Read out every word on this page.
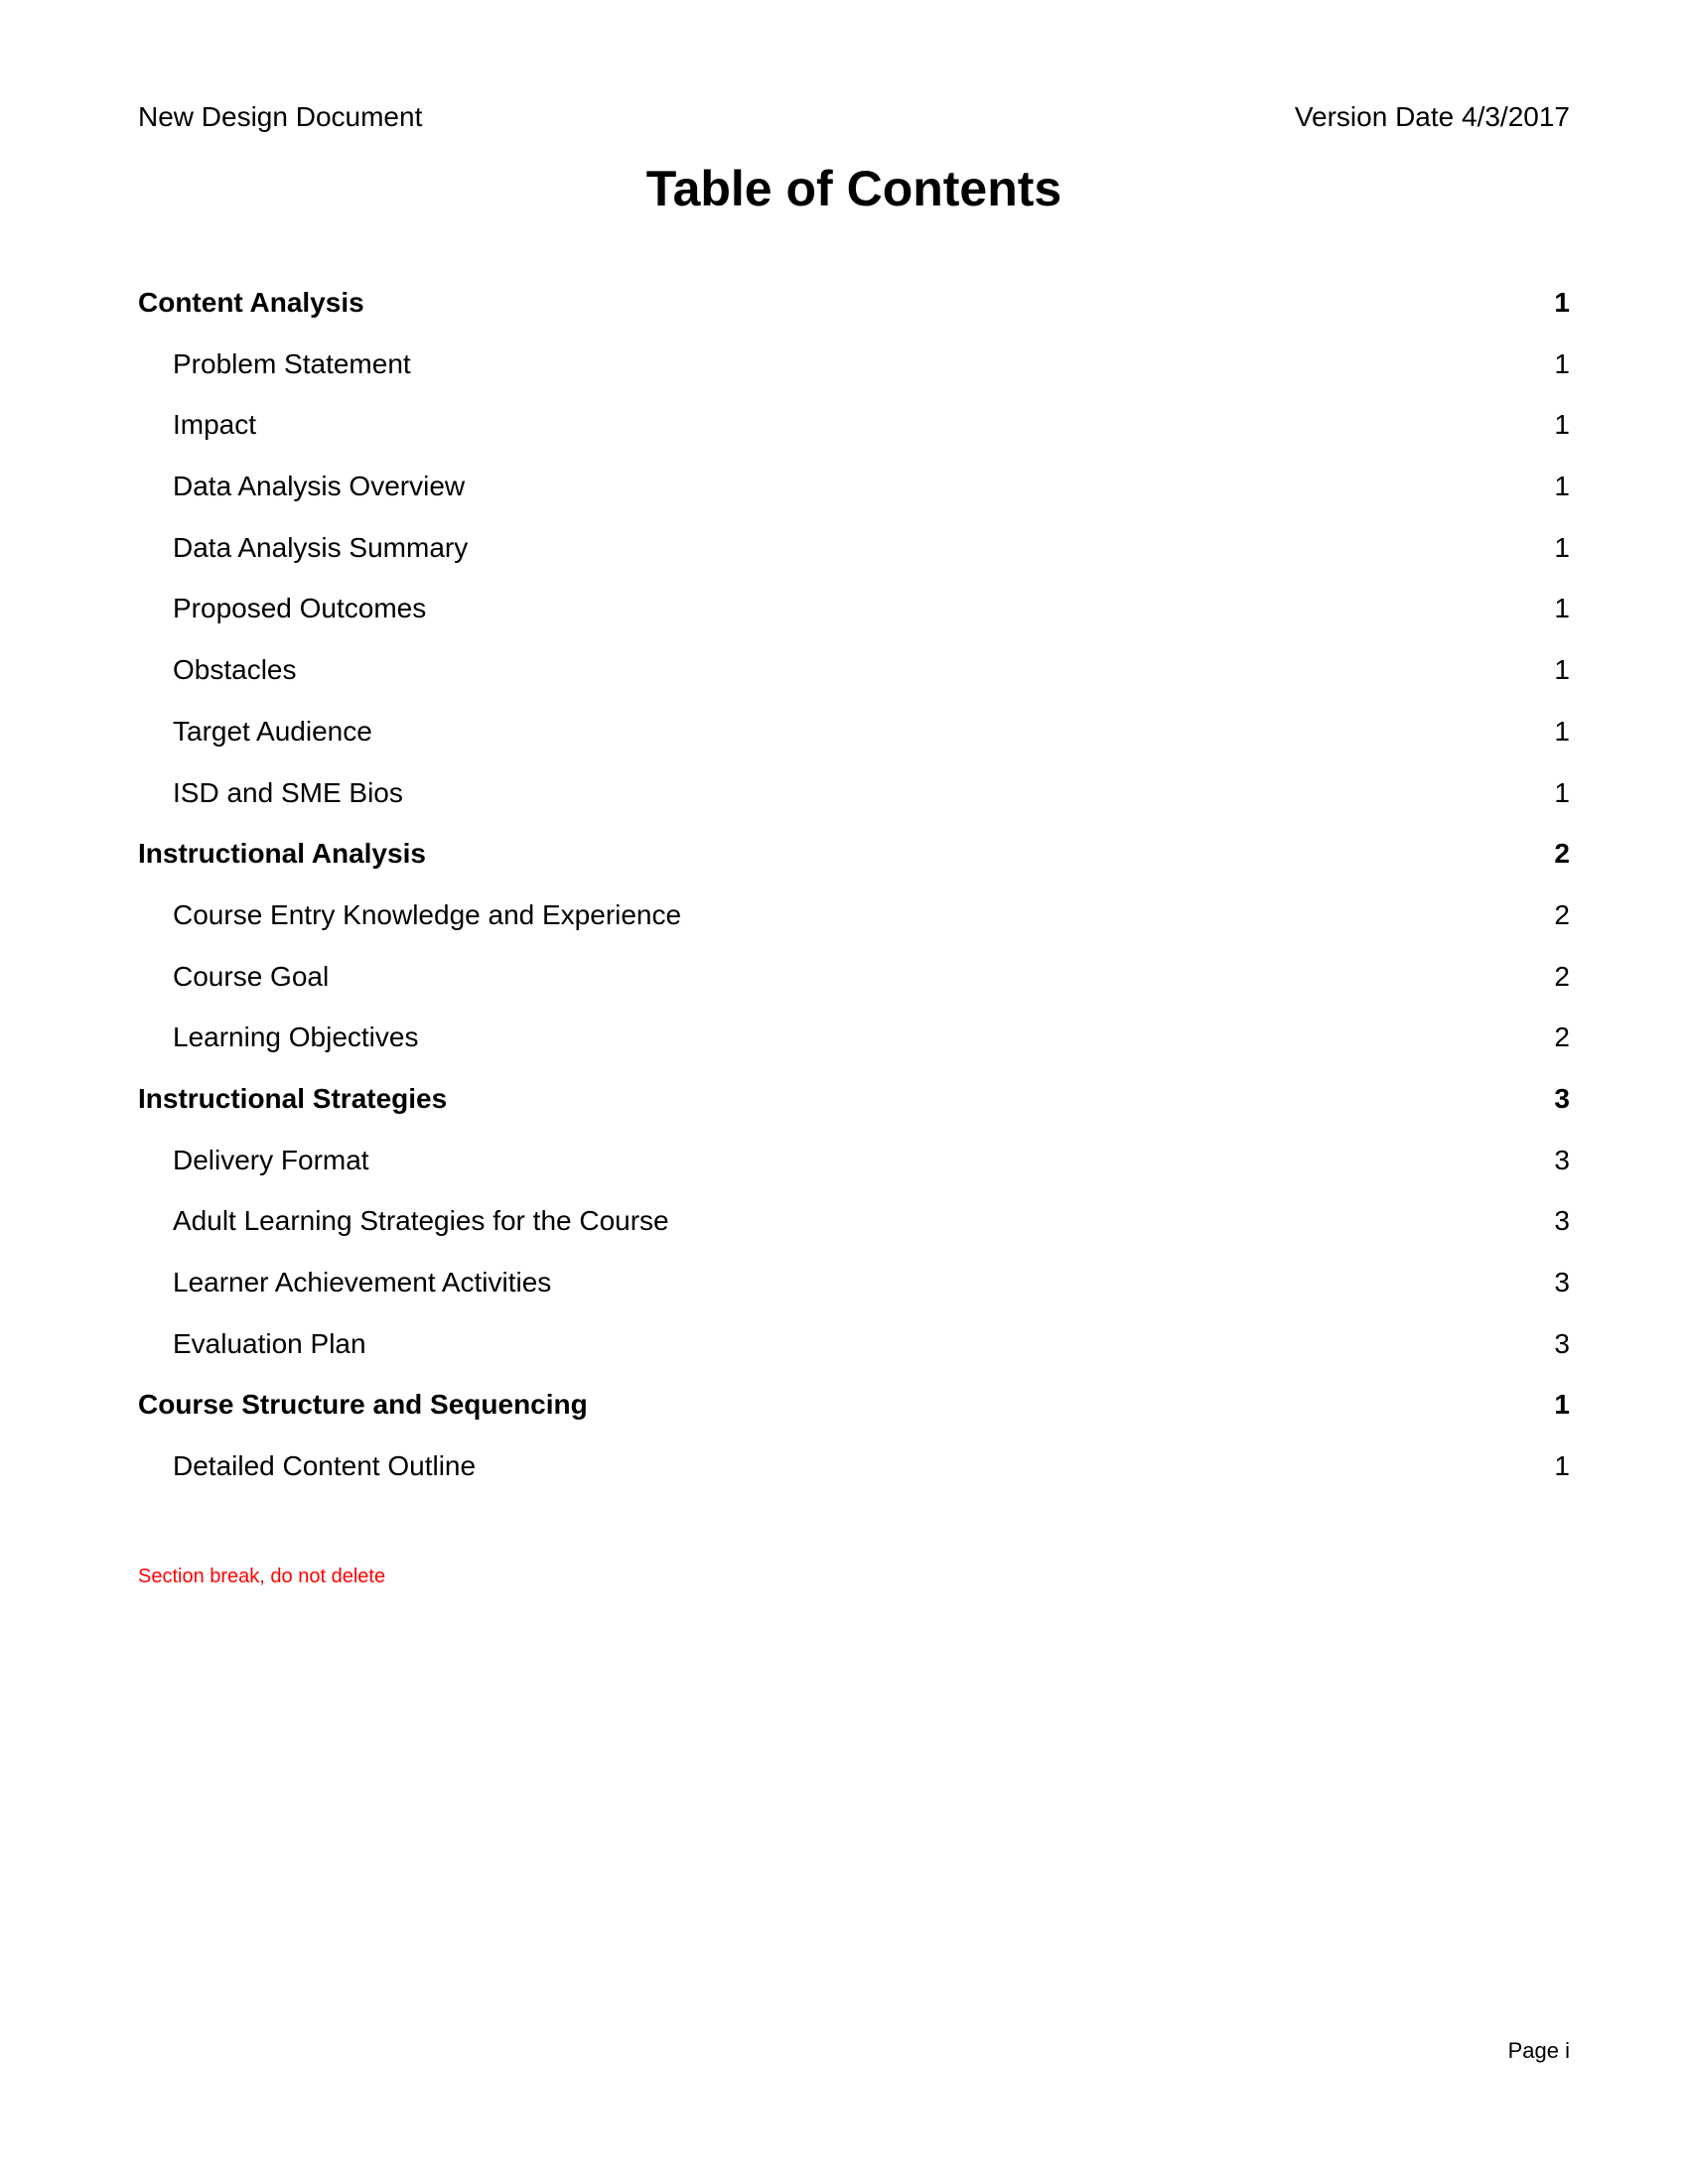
New Design Document	Version Date 4/3/2017
Table of Contents
Content Analysis	1
Problem Statement	1
Impact	1
Data Analysis Overview	1
Data Analysis Summary	1
Proposed Outcomes	1
Obstacles	1
Target Audience	1
ISD and SME Bios	1
Instructional Analysis	2
Course Entry Knowledge and Experience	2
Course Goal	2
Learning Objectives	2
Instructional Strategies	3
Delivery Format	3
Adult Learning Strategies for the Course	3
Learner Achievement Activities	3
Evaluation Plan	3
Course Structure and Sequencing	1
Detailed Content Outline	1
Section break, do not delete
Page i
